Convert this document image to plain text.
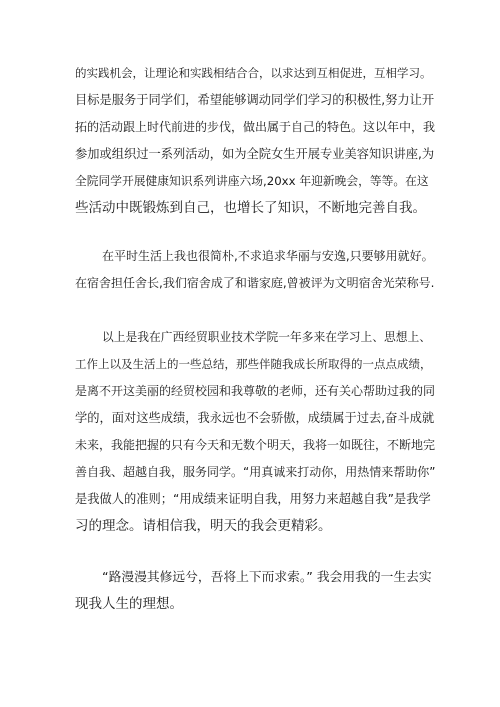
的实践机会，让理论和实践相结合合，以求达到互相促进，互相学习。
目标是服务于同学们，希望能够调动同学们学习的积极性,努力让开
拓的活动跟上时代前进的步伐，做出属于自己的特色。这以年中，我
参加或组织过一系列活动，如为全院女生开展专业美容知识讲座,为
全院同学开展健康知识系列讲座六场,20xx 年迎新晚会，等等。在这
些活动中既锻炼到自己，也增长了知识，不断地完善自我。
在平时生活上我也很简朴,不求追求华丽与安逸,只要够用就好。
在宿舍担任舍长,我们宿舍成了和谐家庭,曾被评为文明宿舍光荣称号.
以上是我在广西经贸职业技术学院一年多来在学习上、思想上、
工作上以及生活上的一些总结，那些伴随我成长所取得的一点点成绩，
是离不开这美丽的经贸校园和我尊敬的老师，还有关心帮助过我的同
学的，面对这些成绩，我永远也不会骄傲，成绩属于过去,奋斗成就
未来，我能把握的只有今天和无数个明天，我将一如既往，不断地完
善自我、超越自我，服务同学。“用真诚来打动你，用热情来帮助你”
是我做人的准则；“用成绩来证明自我，用努力来超越自我”是我学
习的理念。请相信我，明天的我会更精彩。
“路漫漫其修远兮，吾将上下而求索。” 我会用我的一生去实
现我人生的理想。
